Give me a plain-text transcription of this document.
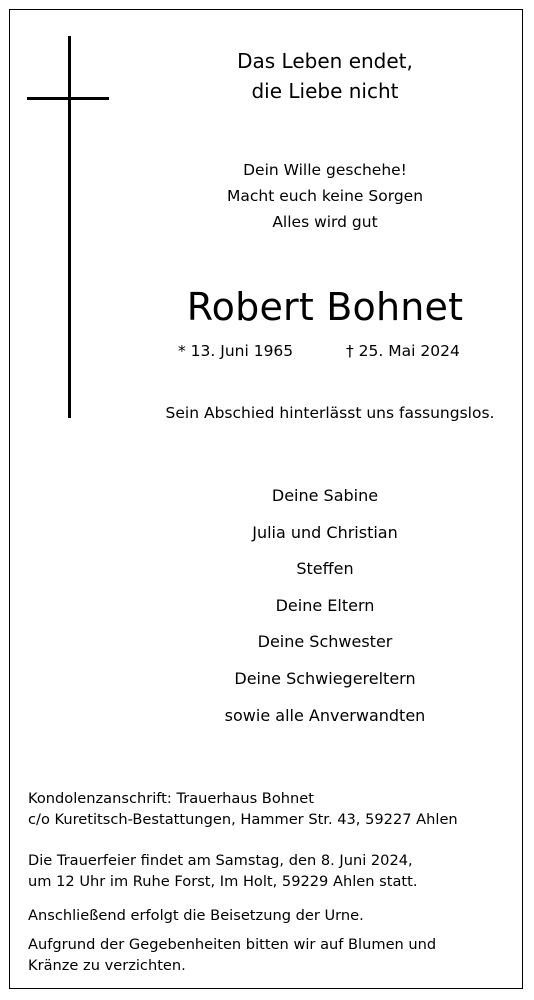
Das Leben endet,
die Liebe nicht
Dein Wille geschehe!
Macht euch keine Sorgen
Alles wird gut
Robert Bohnet
* 13. Juni 1965	† 25. Mai 2024
Sein Abschied hinterlässt uns fassungslos.
Deine Sabine
Julia und Christian
Steffen
Deine Eltern
Deine Schwester
Deine Schwiegereltern
sowie alle Anverwandten
Kondolenzanschrift: Trauerhaus Bohnet
c/o Kuretitsch-Bestattungen, Hammer Str. 43, 59227 Ahlen
Die Trauerfeier findet am Samstag, den 8. Juni 2024,
um 12 Uhr im Ruhe Forst, Im Holt, 59229 Ahlen statt.
Anschließend erfolgt die Beisetzung der Urne.
Aufgrund der Gegebenheiten bitten wir auf Blumen und
Kränze zu verzichten.
